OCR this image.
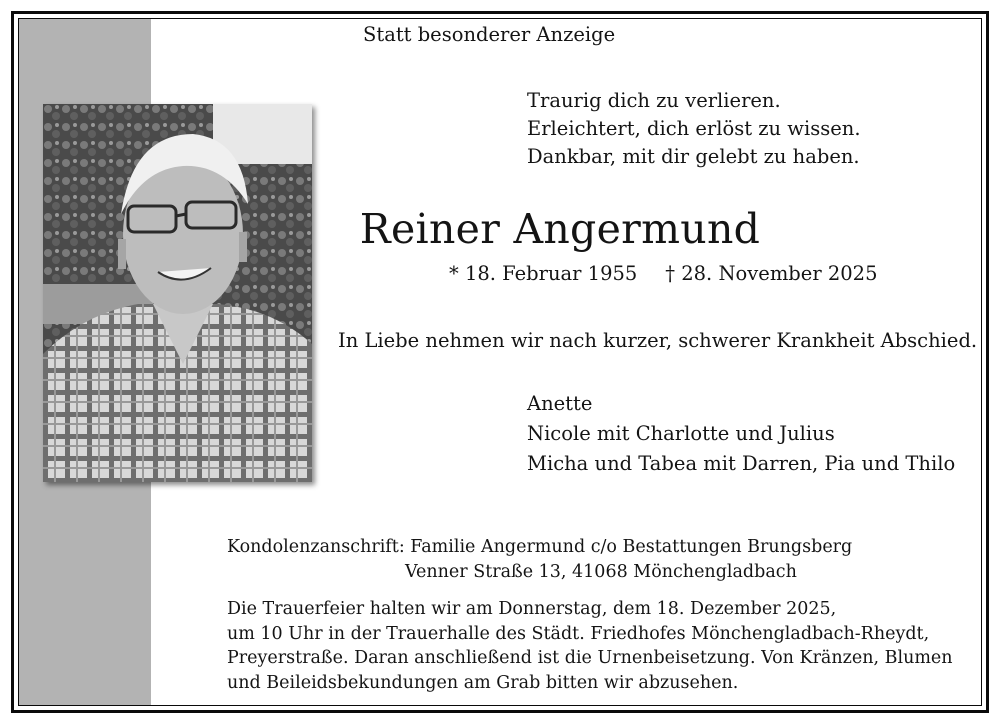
Statt besonderer Anzeige
Traurig dich zu verlieren.
Erleichtert, dich erlöst zu wissen.
Dankbar, mit dir gelebt zu haben.
Reiner Angermund
* 18. Februar 1955 † 28. November 2025
In Liebe nehmen wir nach kurzer, schwerer Krankheit Abschied.
Anette
Nicole mit Charlotte und Julius
Micha und Tabea mit Darren, Pia und Thilo
Kondolenzanschrift: Familie Angermund c/o Bestattungen Brungsberg
Venner Straße 13, 41068 Mönchengladbach
Die Trauerfeier halten wir am Donnerstag, dem 18. Dezember 2025,
um 10 Uhr in der Trauerhalle des Städt. Friedhofes Mönchengladbach-Rheydt,
Preyerstraße. Daran anschließend ist die Urnenbeisetzung. Von Kränzen, Blumen
und Beileidsbekundungen am Grab bitten wir abzusehen.
